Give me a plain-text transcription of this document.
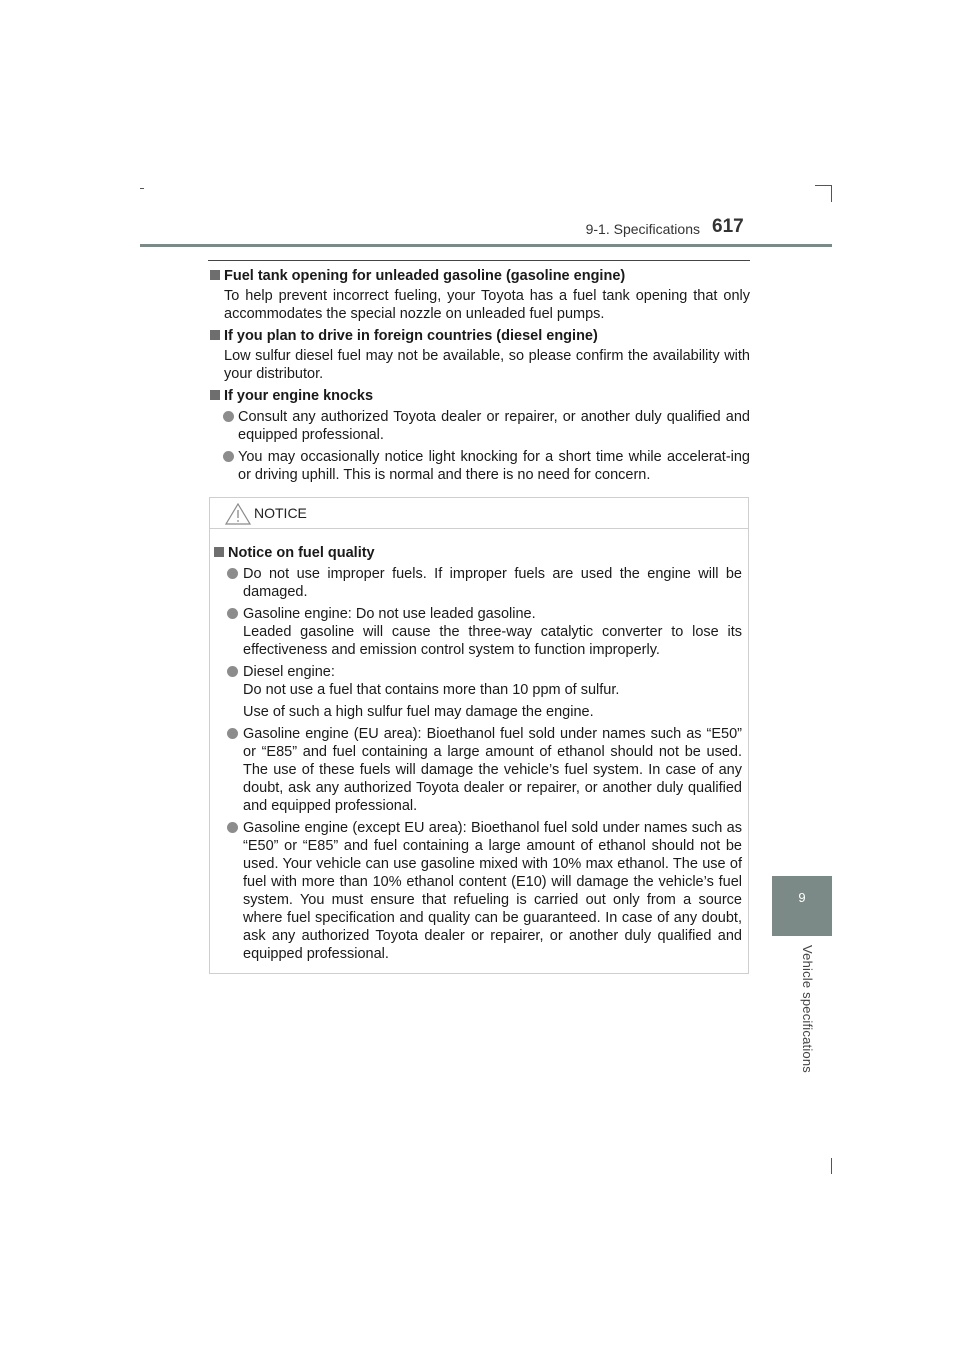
9-1. Specifications 617
9
Vehicle specifications
Fuel tank opening for unleaded gasoline (gasoline engine)
To help prevent incorrect fueling, your Toyota has a fuel tank opening that only accommodates the special nozzle on unleaded fuel pumps.
If you plan to drive in foreign countries (diesel engine)
Low sulfur diesel fuel may not be available, so please confirm the availability with your distributor.
If your engine knocks
Consult any authorized Toyota dealer or repairer, or another duly qualified and equipped professional.
You may occasionally notice light knocking for a short time while accelerat-ing or driving uphill. This is normal and there is no need for concern.
NOTICE
Notice on fuel quality
Do not use improper fuels. If improper fuels are used the engine will be damaged.
Gasoline engine: Do not use leaded gasoline.
Leaded gasoline will cause the three-way catalytic converter to lose its effectiveness and emission control system to function improperly.
Diesel engine:
Do not use a fuel that contains more than 10 ppm of sulfur.
Use of such a high sulfur fuel may damage the engine.
Gasoline engine (EU area): Bioethanol fuel sold under names such as “E50” or “E85” and fuel containing a large amount of ethanol should not be used. The use of these fuels will damage the vehicle’s fuel system. In case of any doubt, ask any authorized Toyota dealer or repairer, or another duly qualified and equipped professional.
Gasoline engine (except EU area): Bioethanol fuel sold under names such as “E50” or “E85” and fuel containing a large amount of ethanol should not be used. Your vehicle can use gasoline mixed with 10% max ethanol. The use of fuel with more than 10% ethanol content (E10) will damage the vehicle’s fuel system. You must ensure that refueling is carried out only from a source where fuel specification and quality can be guaranteed. In case of any doubt, ask any authorized Toyota dealer or repairer, or another duly qualified and equipped professional.
